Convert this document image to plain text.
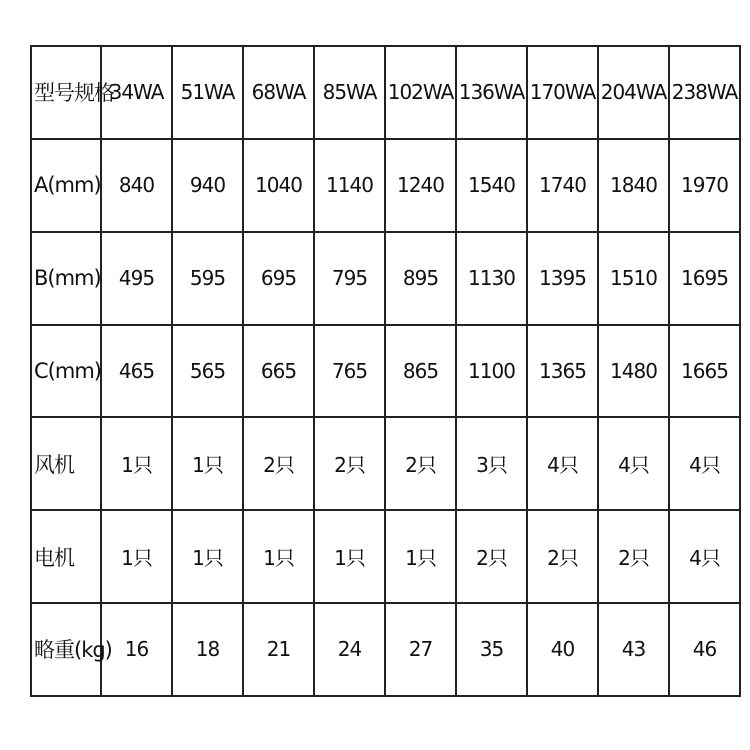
型号规格	34WA	51WA	68WA	85WA	102WA	136WA	170WA	204WA	238WA
A(mm)	840	940	1040	1140	1240	1540	1740	1840	1970
B(mm)	495	595	695	795	895	1130	1395	1510	1695
C(mm)	465	565	665	765	865	1100	1365	1480	1665
风机	1只	1只	2只	2只	2只	3只	4只	4只	4只
电机	1只	1只	1只	1只	1只	2只	2只	2只	4只
略重(kg)	16	18	21	24	27	35	40	43	46
